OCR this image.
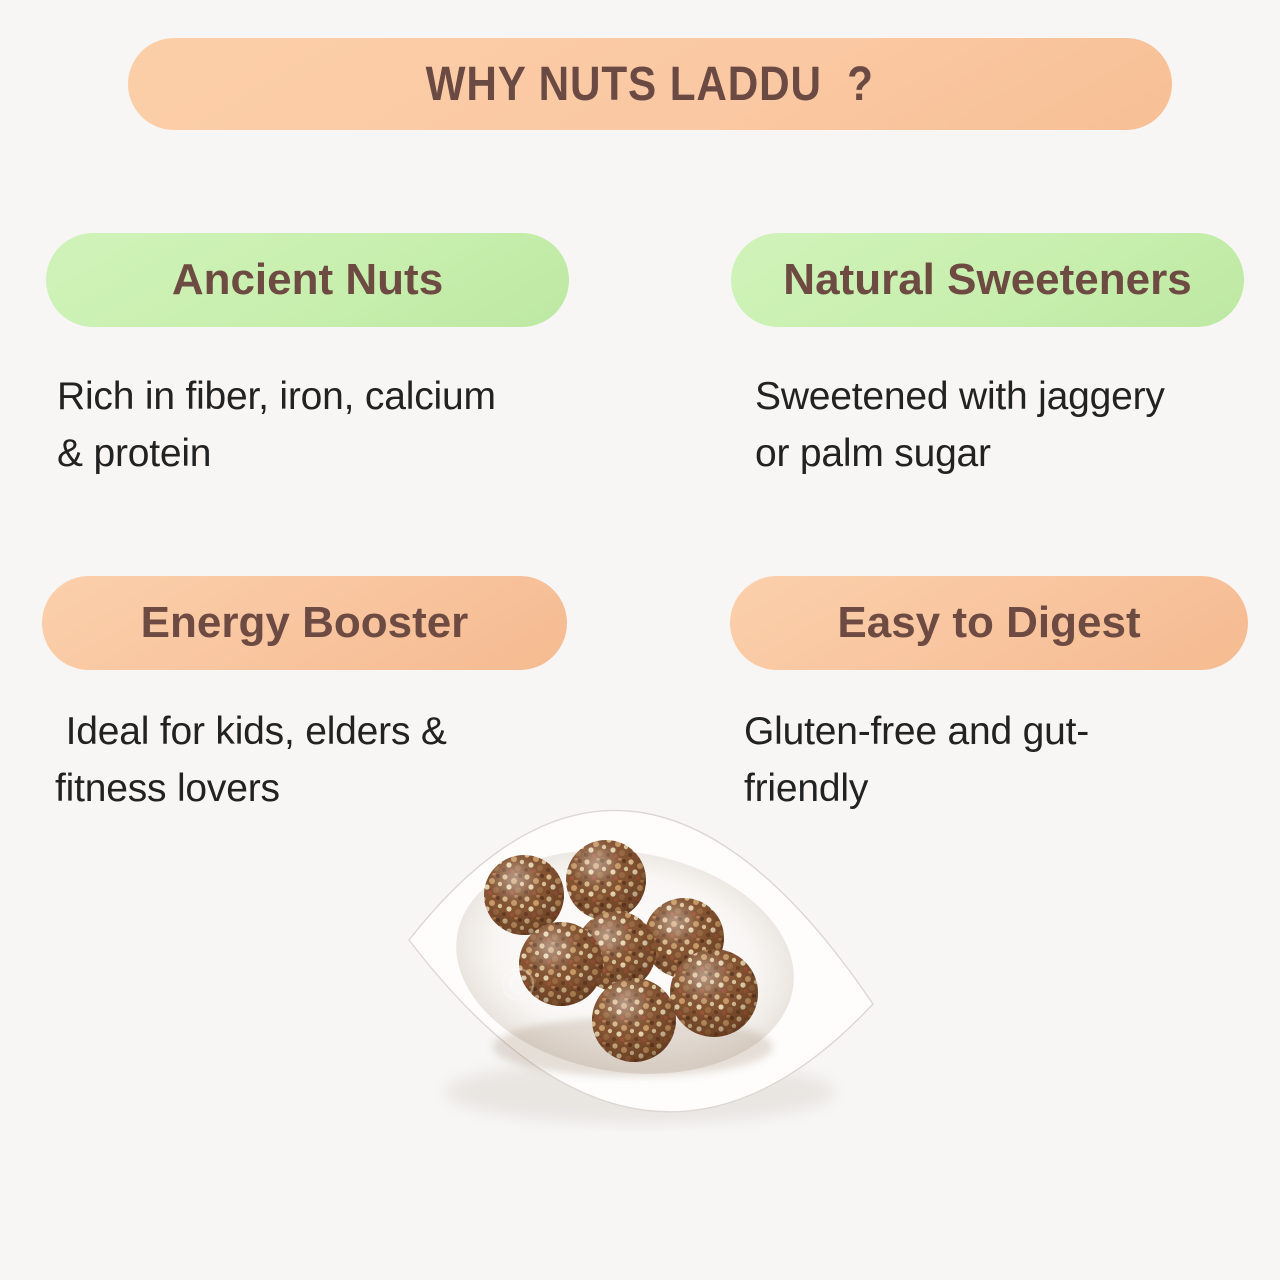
WHY NUTS LADDU  ?
Ancient Nuts

Rich in fiber, iron, calcium
& protein

Natural Sweeteners

Sweetened with jaggery
or palm sugar

Energy Booster

Ideal for kids, elders &
fitness lovers

Easy to Digest

Gluten-free and gut-
friendly

©
